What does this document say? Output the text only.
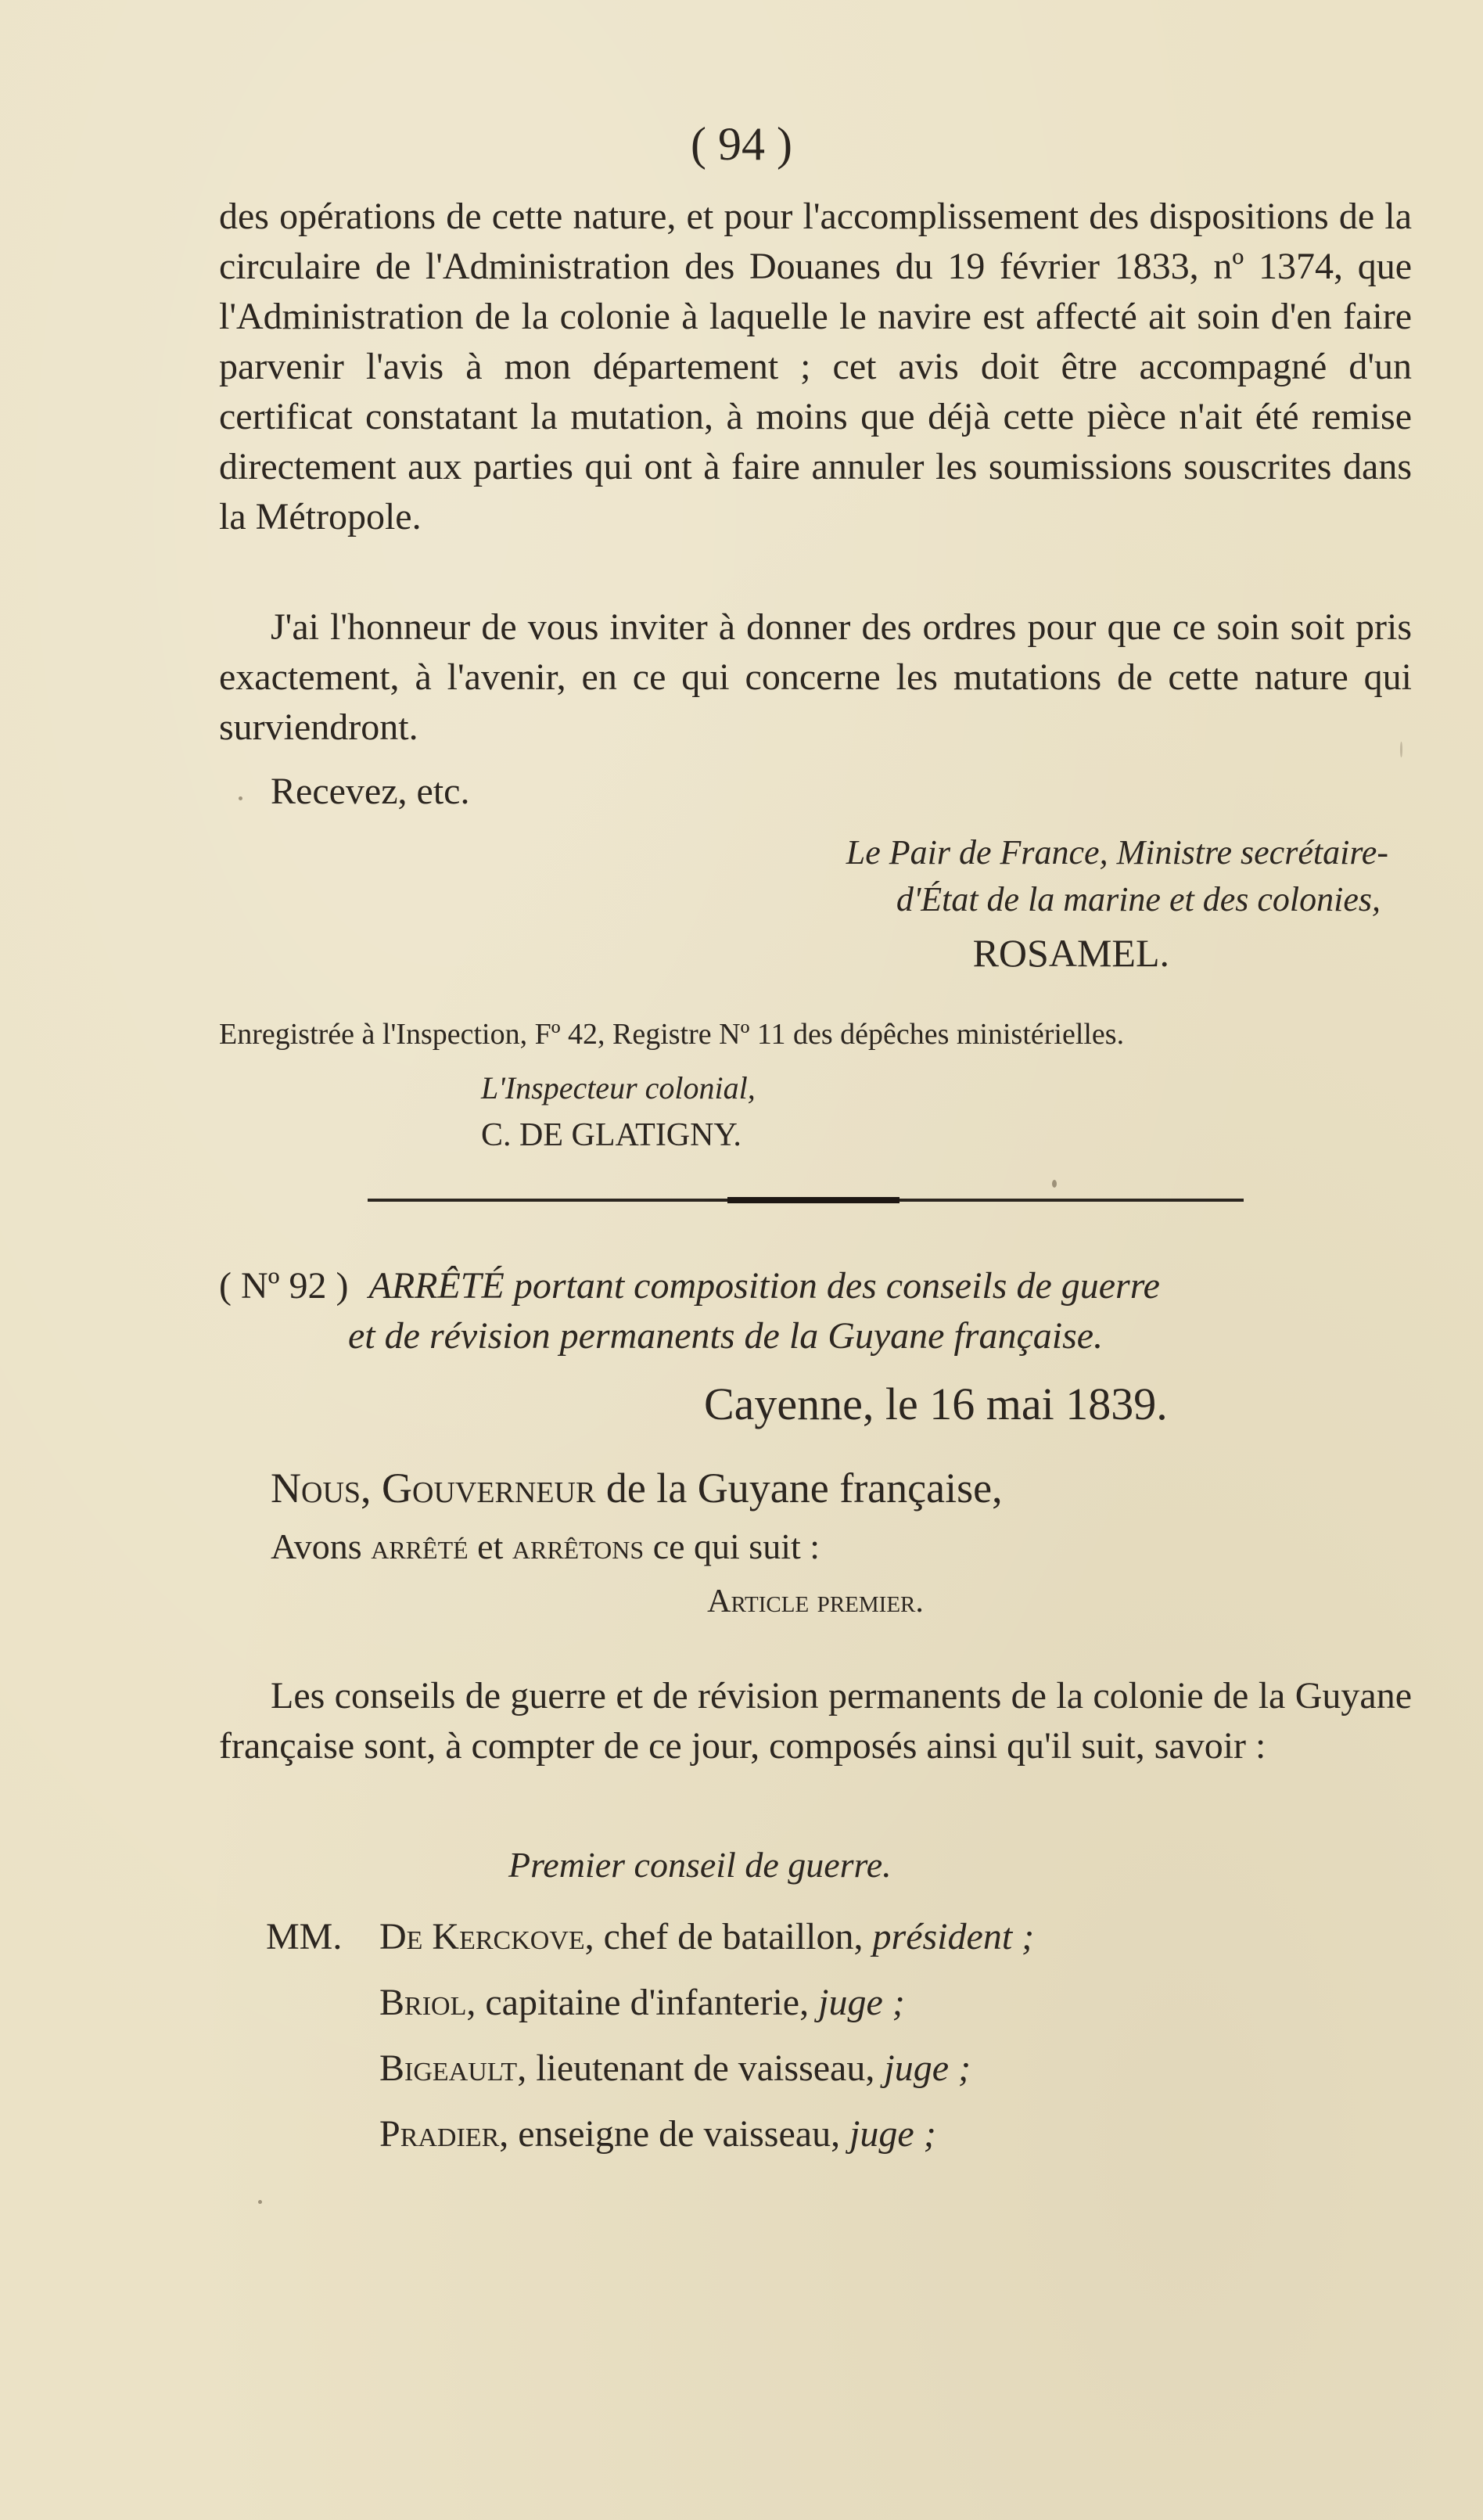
( 94 )

des opérations de cette nature, et pour l'accomplissement des dispositions de la circulaire de l'Administration des Douanes du 19 février 1833, nº 1374, que l'Administration de la colonie à laquelle le navire est affecté ait soin d'en faire parvenir l'avis à mon département ; cet avis doit être accompagné d'un certificat constatant la mutation, à moins que déjà cette pièce n'ait été remise directement aux parties qui ont à faire annuler les soumissions souscrites dans la Métropole.

J'ai l'honneur de vous inviter à donner des ordres pour que ce soin soit pris exactement, à l'avenir, en ce qui concerne les mutations de cette nature qui surviendront.

Recevez, etc.

Le Pair de France, Ministre secrétaire-

d'État de la marine et des colonies,

ROSAMEL.

Enregistrée à l'Inspection, Fº 42, Registre Nº 11 des dépêches ministérielles.

L'Inspecteur colonial,

C. DE GLATIGNY.

( Nº 92 ) ARRÊTÉ portant composition des conseils de guerre

et de révision permanents de la Guyane française.

Cayenne, le 16 mai 1839.

Nous, Gouverneur de la Guyane française,

Avons arrêté et arrêtons ce qui suit :

Article premier.

Les conseils de guerre et de révision permanents de la colonie de la Guyane française sont, à compter de ce jour, composés ainsi qu'il suit, savoir :

Premier conseil de guerre.

MM. De Kerckove, chef de bataillon, président ;
Briol, capitaine d'infanterie, juge ;
Bigeault, lieutenant de vaisseau, juge ;
Pradier, enseigne de vaisseau, juge ;
